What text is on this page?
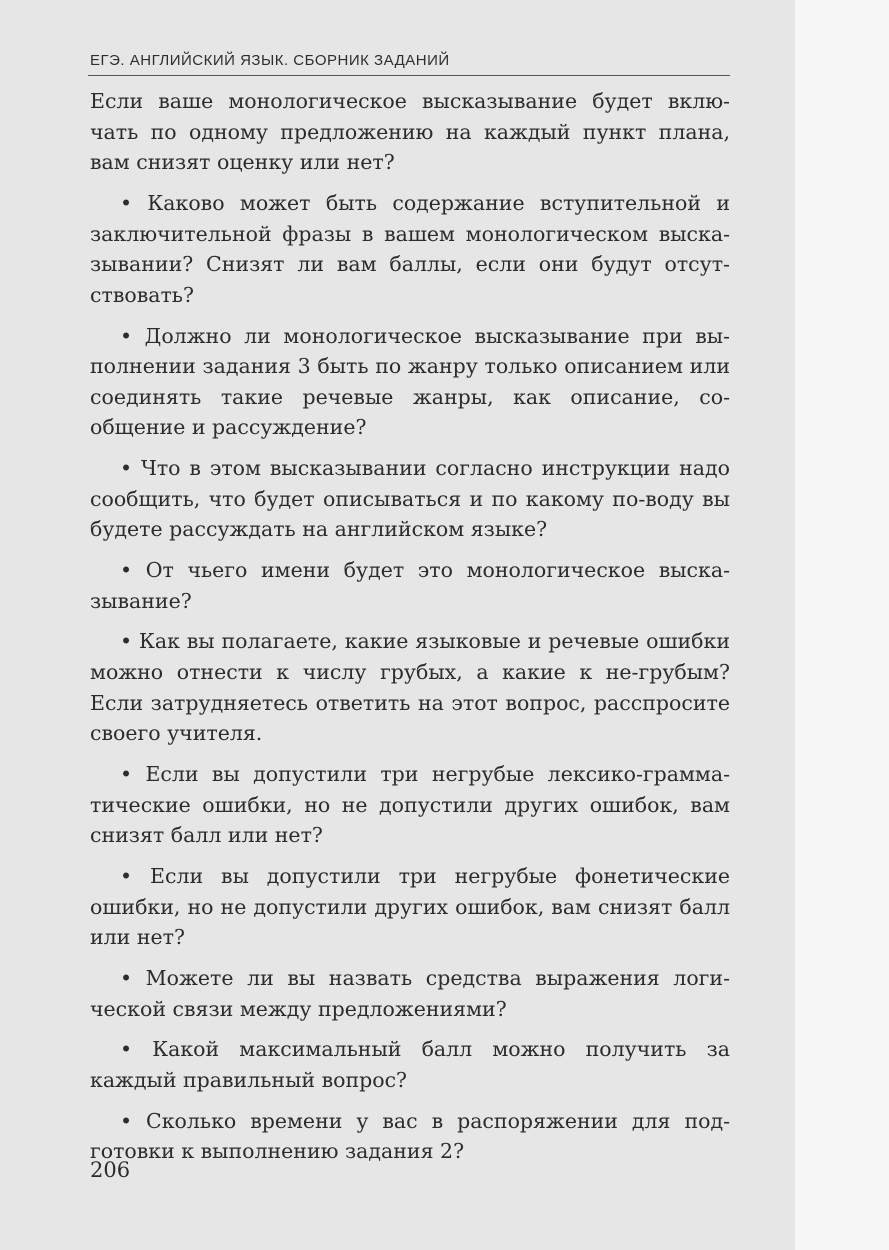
ЕГЭ. АНГЛИЙСКИЙ ЯЗЫК. СБОРНИК ЗАДАНИЙ

Если ваше монологическое высказывание будет вклю-чать по одному предложению на каждый пункт плана, вам снизят оценку или нет?

• Каково может быть содержание вступительной и заключительной фразы в вашем монологическом выска-зывании? Снизят ли вам баллы, если они будут отсут-ствовать?

• Должно ли монологическое высказывание при вы-полнении задания 3 быть по жанру только описанием или соединять такие речевые жанры, как описание, со-общение и рассуждение?

• Что в этом высказывании согласно инструкции надо сообщить, что будет описываться и по какому по-воду вы будете рассуждать на английском языке?

• От чьего имени будет это монологическое выска-зывание?

• Как вы полагаете, какие языковые и речевые ошибки можно отнести к числу грубых, а какие к не-грубым? Если затрудняетесь ответить на этот вопрос, расспросите своего учителя.

• Если вы допустили три негрубые лексико-грамма-тические ошибки, но не допустили других ошибок, вам снизят балл или нет?

• Если вы допустили три негрубые фонетические ошибки, но не допустили других ошибок, вам снизят балл или нет?

• Можете ли вы назвать средства выражения логи-ческой связи между предложениями?

• Какой максимальный балл можно получить за каждый правильный вопрос?

• Сколько времени у вас в распоряжении для под-готовки к выполнению задания 2?

206
